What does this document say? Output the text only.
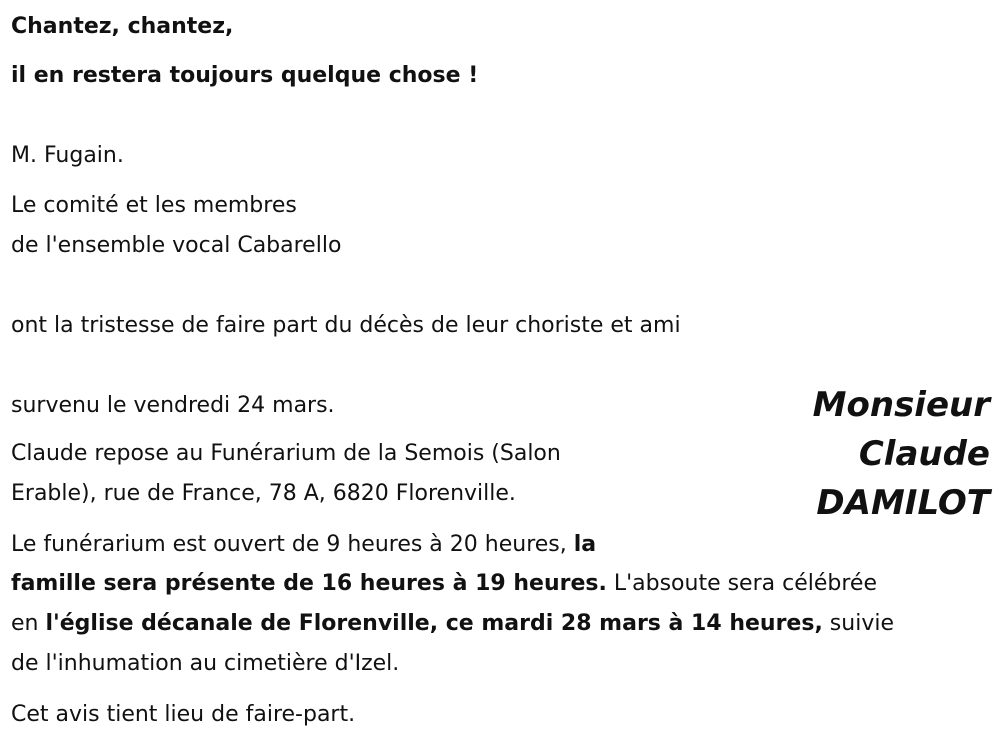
Chantez, chantez,
il en restera toujours quelque chose !
M. Fugain.
Le comité et les membres
de l'ensemble vocal Cabarello
ont la tristesse de faire part du décès de leur choriste et ami
survenu le vendredi 24 mars.	Monsieur
Claude
DAMILOT
Claude repose au Funérarium de la Semois (Salon
Erable), rue de France, 78 A, 6820 Florenville.
Le funérarium est ouvert de 9 heures à 20 heures, la
famille sera présente de 16 heures à 19 heures. L'absoute sera célébrée
en l'église décanale de Florenville, ce mardi 28 mars à 14 heures, suivie
de l'inhumation au cimetière d'Izel.
Cet avis tient lieu de faire-part.
